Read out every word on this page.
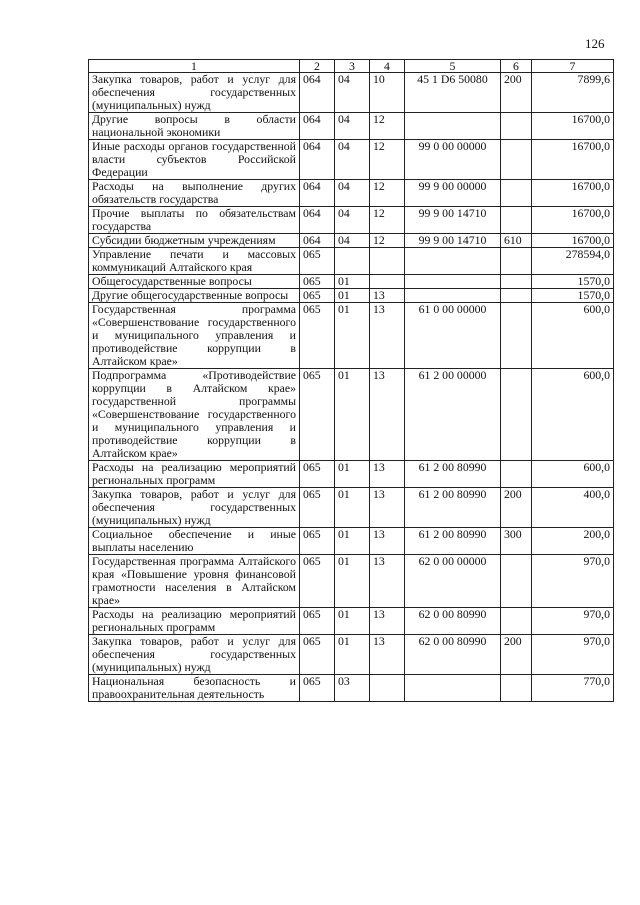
126
1	2	3	4	5	6	7
Закупка товаров, работ и услуг для обеспечения государственных (муниципальных) нужд	064	04	10	45 1 D6 50080	200	7899,6
Другие вопросы в области национальной экономики	064	04	12			16700,0
Иные расходы органов государственной власти субъектов Российской Федерации	064	04	12	99 0 00 00000		16700,0
Расходы на выполнение других обязательств государства	064	04	12	99 9 00 00000		16700,0
Прочие выплаты по обязательствам государства	064	04	12	99 9 00 14710		16700,0
Субсидии бюджетным учреждениям	064	04	12	99 9 00 14710	610	16700,0
Управление печати и массовых коммуникаций Алтайского края	065					278594,0
Общегосударственные вопросы	065	01				1570,0
Другие общегосударственные вопросы	065	01	13			1570,0
Государственная программа «Совершенствование государственного и муниципального управления и противодействие коррупции в Алтайском крае»	065	01	13	61 0 00 00000		600,0
Подпрограмма «Противодействие коррупции в Алтайском крае» государственной программы «Совершенствование государственного и муниципального управления и противодействие коррупции в Алтайском крае»	065	01	13	61 2 00 00000		600,0
Расходы на реализацию мероприятий региональных программ	065	01	13	61 2 00 80990		600,0
Закупка товаров, работ и услуг для обеспечения государственных (муниципальных) нужд	065	01	13	61 2 00 80990	200	400,0
Социальное обеспечение и иные выплаты населению	065	01	13	61 2 00 80990	300	200,0
Государственная программа Алтайского края «Повышение уровня финансовой грамотности населения в Алтайском крае»	065	01	13	62 0 00 00000		970,0
Расходы на реализацию мероприятий региональных программ	065	01	13	62 0 00 80990		970,0
Закупка товаров, работ и услуг для обеспечения государственных (муниципальных) нужд	065	01	13	62 0 00 80990	200	970,0
Национальная безопасность и правоохранительная деятельность	065	03				770,0
